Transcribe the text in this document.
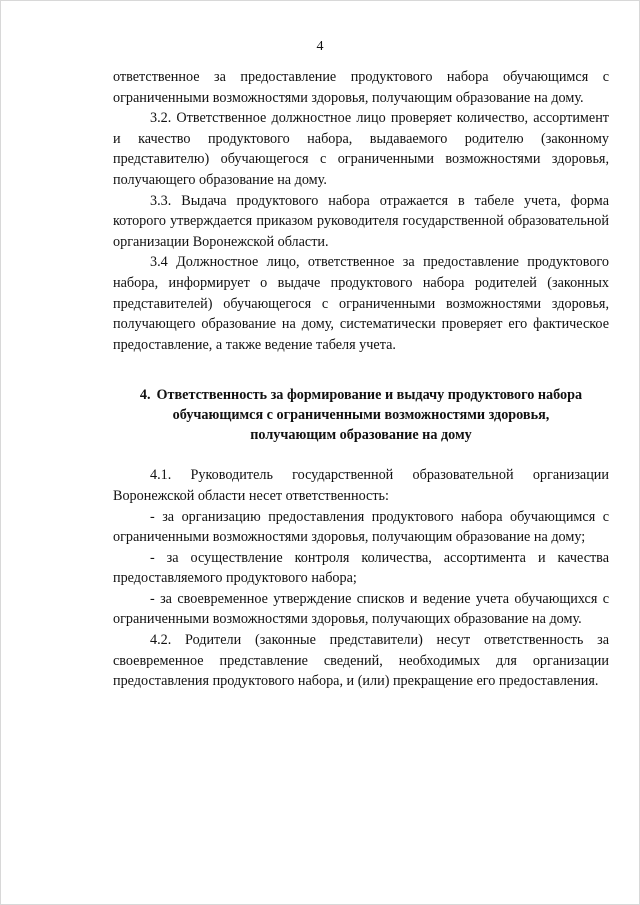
4

ответственное за предоставление продуктового набора обучающимся с ограниченными возможностями здоровья, получающим образование на дому.

3.2. Ответственное должностное лицо проверяет количество, ассортимент и качество продуктового набора, выдаваемого родителю (законному представителю) обучающегося с ограниченными возможностями здоровья, получающего образование на дому.

3.3. Выдача продуктового набора отражается в табеле учета, форма которого утверждается приказом руководителя государственной образовательной организации Воронежской области.

3.4 Должностное лицо, ответственное за предоставление продуктового набора, информирует о выдаче продуктового набора родителей (законных представителей) обучающегося с ограниченными возможностями здоровья, получающего образование на дому, систематически проверяет его фактическое предоставление, а также ведение табеля учета.

4. Ответственность за формирование и выдачу продуктового набора
обучающимся с ограниченными возможностями здоровья,
получающим образование на дому

4.1. Руководитель государственной образовательной организации Воронежской области несет ответственность:

- за организацию предоставления продуктового набора обучающимся с ограниченными возможностями здоровья, получающим образование на дому;

- за осуществление контроля количества, ассортимента и качества предоставляемого продуктового набора;

- за своевременное утверждение списков и ведение учета обучающихся с ограниченными возможностями здоровья, получающих образование на дому.

4.2. Родители (законные представители) несут ответственность за своевременное представление сведений, необходимых для организации предоставления продуктового набора, и (или) прекращение его предоставления.
